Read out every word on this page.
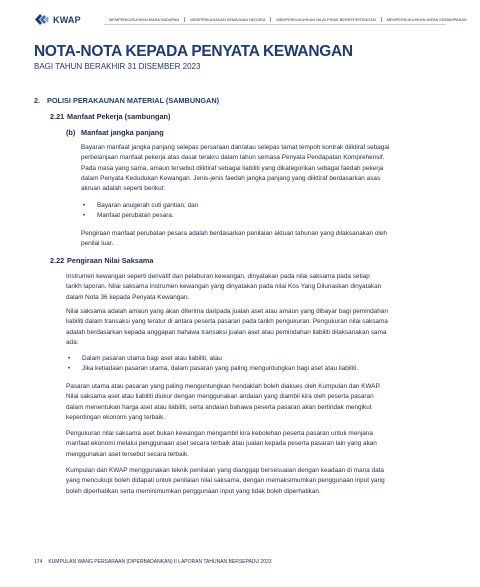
KWAP	MEMPERKUKUHKAN MASA HADAPAN	MEMPERKASAKAN KEMAJUAN NEGARA	MEMPERKUKUHKAN NILAI PIHAK BERKEPENTINGAN	MEMPERKUKUHKAN IMPAK KEMAMPANAN
NOTA-NOTA KEPADA PENYATA KEWANGAN
BAGI TAHUN BERAKHIR 31 DISEMBER 2023
2. POLISI PERAKAUNAN MATERIAL (SAMBUNGAN)
2.21 Manfaat Pekerja (sambungan)
(b) Manfaat jangka panjang
Bayaran manfaat jangka panjang selepas persaraan dan/atau selepas tamat tempoh kontrak diiktiraf sebagai
perbelanjaan manfaat pekerja atas dasar terakru dalam tahun semasa Penyata Pendapatan Komprehensif.
Pada masa yang sama, amaun tersebut diiktiraf sebagai liabiliti yang dikategorikan sebagai faedah pekerja
dalam Penyata Kedudukan Kewangan. Jenis-jenis faedah jangka panjang yang diiktiraf berdasarkan asas
akruan adalah seperti berikut:
• Bayaran anugerah cuti gantian; dan
• Manfaat perubatan pesara.
Pengiraan manfaat perubatan pesara adalah berdasarkan penilaian aktuari tahunan yang dilaksanakan oleh
penilai luar.
2.22 Pengiraan Nilai Saksama
Instrumen kewangan seperti derivatif dan pelaburan kewangan, dinyatakan pada nilai saksama pada setiap
tarikh laporan. Nilai saksama instrumen kewangan yang dinyatakan pada nilai Kos Yang Dilunaskan dinyatakan
dalam Nota 36 kepada Penyata Kewangan.
Nilai saksama adalah amaun yang akan diterima daripada jualan aset atau amaun yang dibayar bagi pemindahan
liabiliti dalam transaksi yang teratur di antara peserta pasaran pada tarikh pengukuran. Pengukuran nilai saksama
adalah berdasarkan kepada anggapan bahawa transaksi jualan aset atau pemindahan liabiliti dilaksanakan sama
ada:
• Dalam pasaran utama bagi aset atau liabiliti, atau
• Jika ketiadaan pasaran utama, dalam pasaran yang paling menguntungkan bagi aset atau liabiliti.
Pasaran utama atau pasaran yang paling menguntungkan hendaklah boleh diakses oleh Kumpulan dan KWAP.
Nilai saksama aset atau liabiliti diukur dengan menggunakan andaian yang diambil kira oleh peserta pasaran
dalam menentukan harga aset atau liabiliti, serta andaian bahawa peserta pasaran akan bertindak mengikut
kepentingan ekonomi yang terbaik.
Pengukuran nilai saksama aset bukan kewangan mengambil kira kebolehan peserta pasaran untuk menjana
manfaat ekonomi melalui penggunaan aset secara terbaik atau jualan kepada peserta pasaran lain yang akan
menggunakan aset tersebut secara terbaik.
Kumpulan dan KWAP menggunakan teknik penilaian yang dianggap bersesuaian dengan keadaan di mana data
yang mencukupi boleh didapati untuk penilaian nilai saksama, dengan memaksimumkan penggunaan input yang
boleh diperhatikan serta meminimumkan penggunaan input yang tidak boleh diperhatikan.
174 KUMPULAN WANG PERSARAAN (DIPERBADANKAN) II LAPORAN TAHUNAN BERSEPADU 2023
